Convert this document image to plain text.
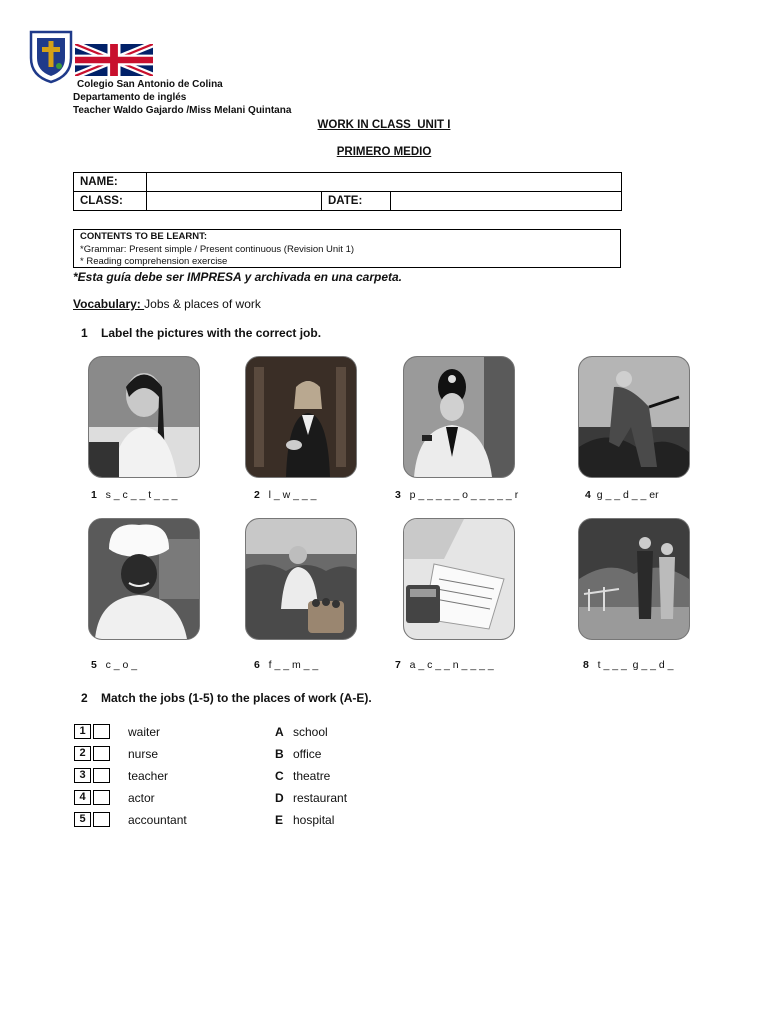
Colegio San Antonio de Colina
Departamento de inglés
Teacher Waldo Gajardo /Miss Melani Quintana
WORK IN CLASS  UNIT I
PRIMERO MEDIO
NAME:			
CLASS:		DATE:	
CONTENTS TO BE LEARNT:
*Grammar: Present simple / Present continuous (Revision Unit 1)
* Reading comprehension exercise
*Esta guía debe ser IMPRESA y archivada en una carpeta.
Vocabulary: Jobs & places of work
1    Label the pictures with the correct job.
1 s _ c _ _ t _ _ _	2 l _ w _ _ _	3 p _ _ _ _ _ o _ _ _ _ _ r	4 g _ _ d _ _ er
5 c _ o _	6 f _ _ m _ _	7 a _ c _ _ n _ _ _ _	8 t _ _ _  g _ _ d _
2    Match the jobs (1-5) to the places of work (A-E).
1	waiter	A school
2	nurse	B office
3	teacher	C theatre
4	actor	D restaurant
5	accountant	E hospital
